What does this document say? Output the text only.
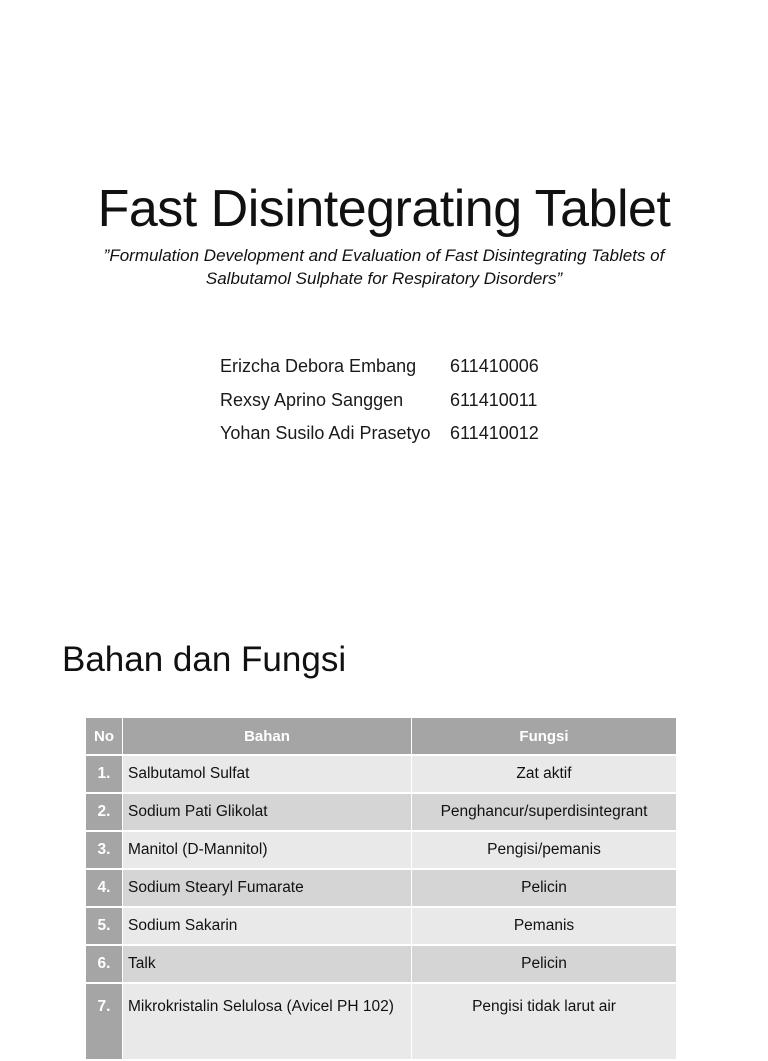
Fast Disintegrating Tablet
”Formulation Development and Evaluation of Fast Disintegrating Tablets of
Salbutamol Sulphate for Respiratory Disorders”
Erizcha Debora Embang	611410006
Rexsy Aprino Sanggen	611410011
Yohan Susilo Adi Prasetyo	611410012
Bahan dan Fungsi
No	Bahan	Fungsi
1.	Salbutamol Sulfat	Zat aktif
2.	Sodium Pati Glikolat	Penghancur/superdisintegrant
3.	Manitol (D-Mannitol)	Pengisi/pemanis
4.	Sodium Stearyl Fumarate	Pelicin
5.	Sodium Sakarin	Pemanis
6.	Talk	Pelicin
7.	Mikrokristalin Selulosa (Avicel PH 102)	Pengisi tidak larut air
